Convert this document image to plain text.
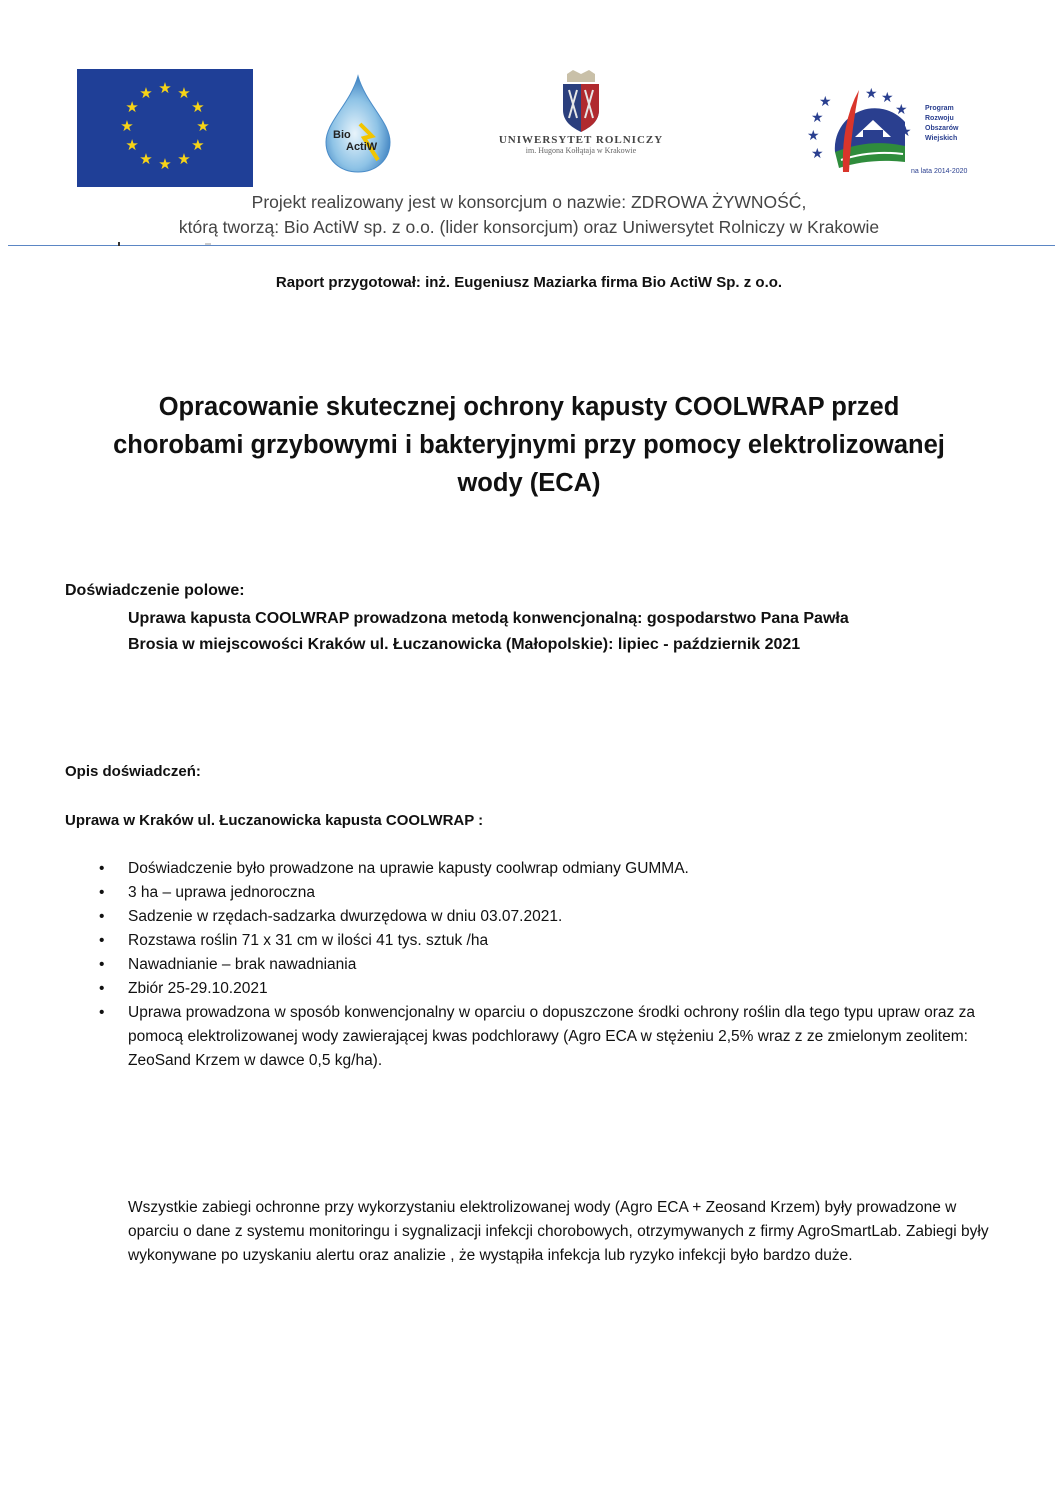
★ ★
★
★
★
★
★
★
★
★
★
★
Bio
ActiW
UNIWERSYTET ROLNICZY
im. Hugona Kołłątaja w Krakowie
★
★
★
★ ★ ★
★
★
Program
Rozwoju
Obszarów
Wiejskich
na lata 2014-2020
Projekt realizowany jest w konsorcjum o nazwie: ZDROWA ŻYWNOŚĆ,
którą tworzą: Bio ActiW sp. z o.o. (lider konsorcjum) oraz Uniwersytet Rolniczy w Krakowie
Raport przygotował: inż. Eugeniusz Maziarka firma Bio ActiW Sp. z o.o.
Opracowanie skutecznej ochrony kapusty COOLWRAP przed
chorobami grzybowymi i bakteryjnymi przy pomocy elektrolizowanej
wody (ECA)
Doświadczenie polowe:
Uprawa kapusta COOLWRAP prowadzona metodą konwencjonalną: gospodarstwo Pana Pawła
Brosia w miejscowości Kraków ul. Łuczanowicka (Małopolskie): lipiec - październik 2021
Opis doświadczeń:
Uprawa w Kraków ul. Łuczanowicka kapusta COOLWRAP :
• Doświadczenie było prowadzone na uprawie kapusty coolwrap odmiany GUMMA.
• 3 ha – uprawa jednoroczna
• Sadzenie w rzędach-sadzarka dwurzędowa w dniu 03.07.2021.
• Rozstawa roślin 71 x 31 cm w ilości 41 tys. sztuk /ha
• Nawadnianie – brak nawadniania
• Zbiór 25-29.10.2021
• Uprawa prowadzona w sposób konwencjonalny w oparciu o dopuszczone środki ochrony roślin dla tego typu upraw oraz za pomocą elektrolizowanej wody zawierającej kwas podchlorawy (Agro ECA w stężeniu 2,5% wraz z ze zmielonym zeolitem: ZeoSand Krzem w dawce 0,5 kg/ha).
Wszystkie zabiegi ochronne przy wykorzystaniu elektrolizowanej wody (Agro ECA + Zeosand Krzem) były prowadzone w oparciu o dane z systemu monitoringu i sygnalizacji infekcji chorobowych, otrzymywanych z firmy AgroSmartLab. Zabiegi były wykonywane po uzyskaniu alertu oraz analizie , że wystąpiła infekcja lub ryzyko infekcji było bardzo duże.
